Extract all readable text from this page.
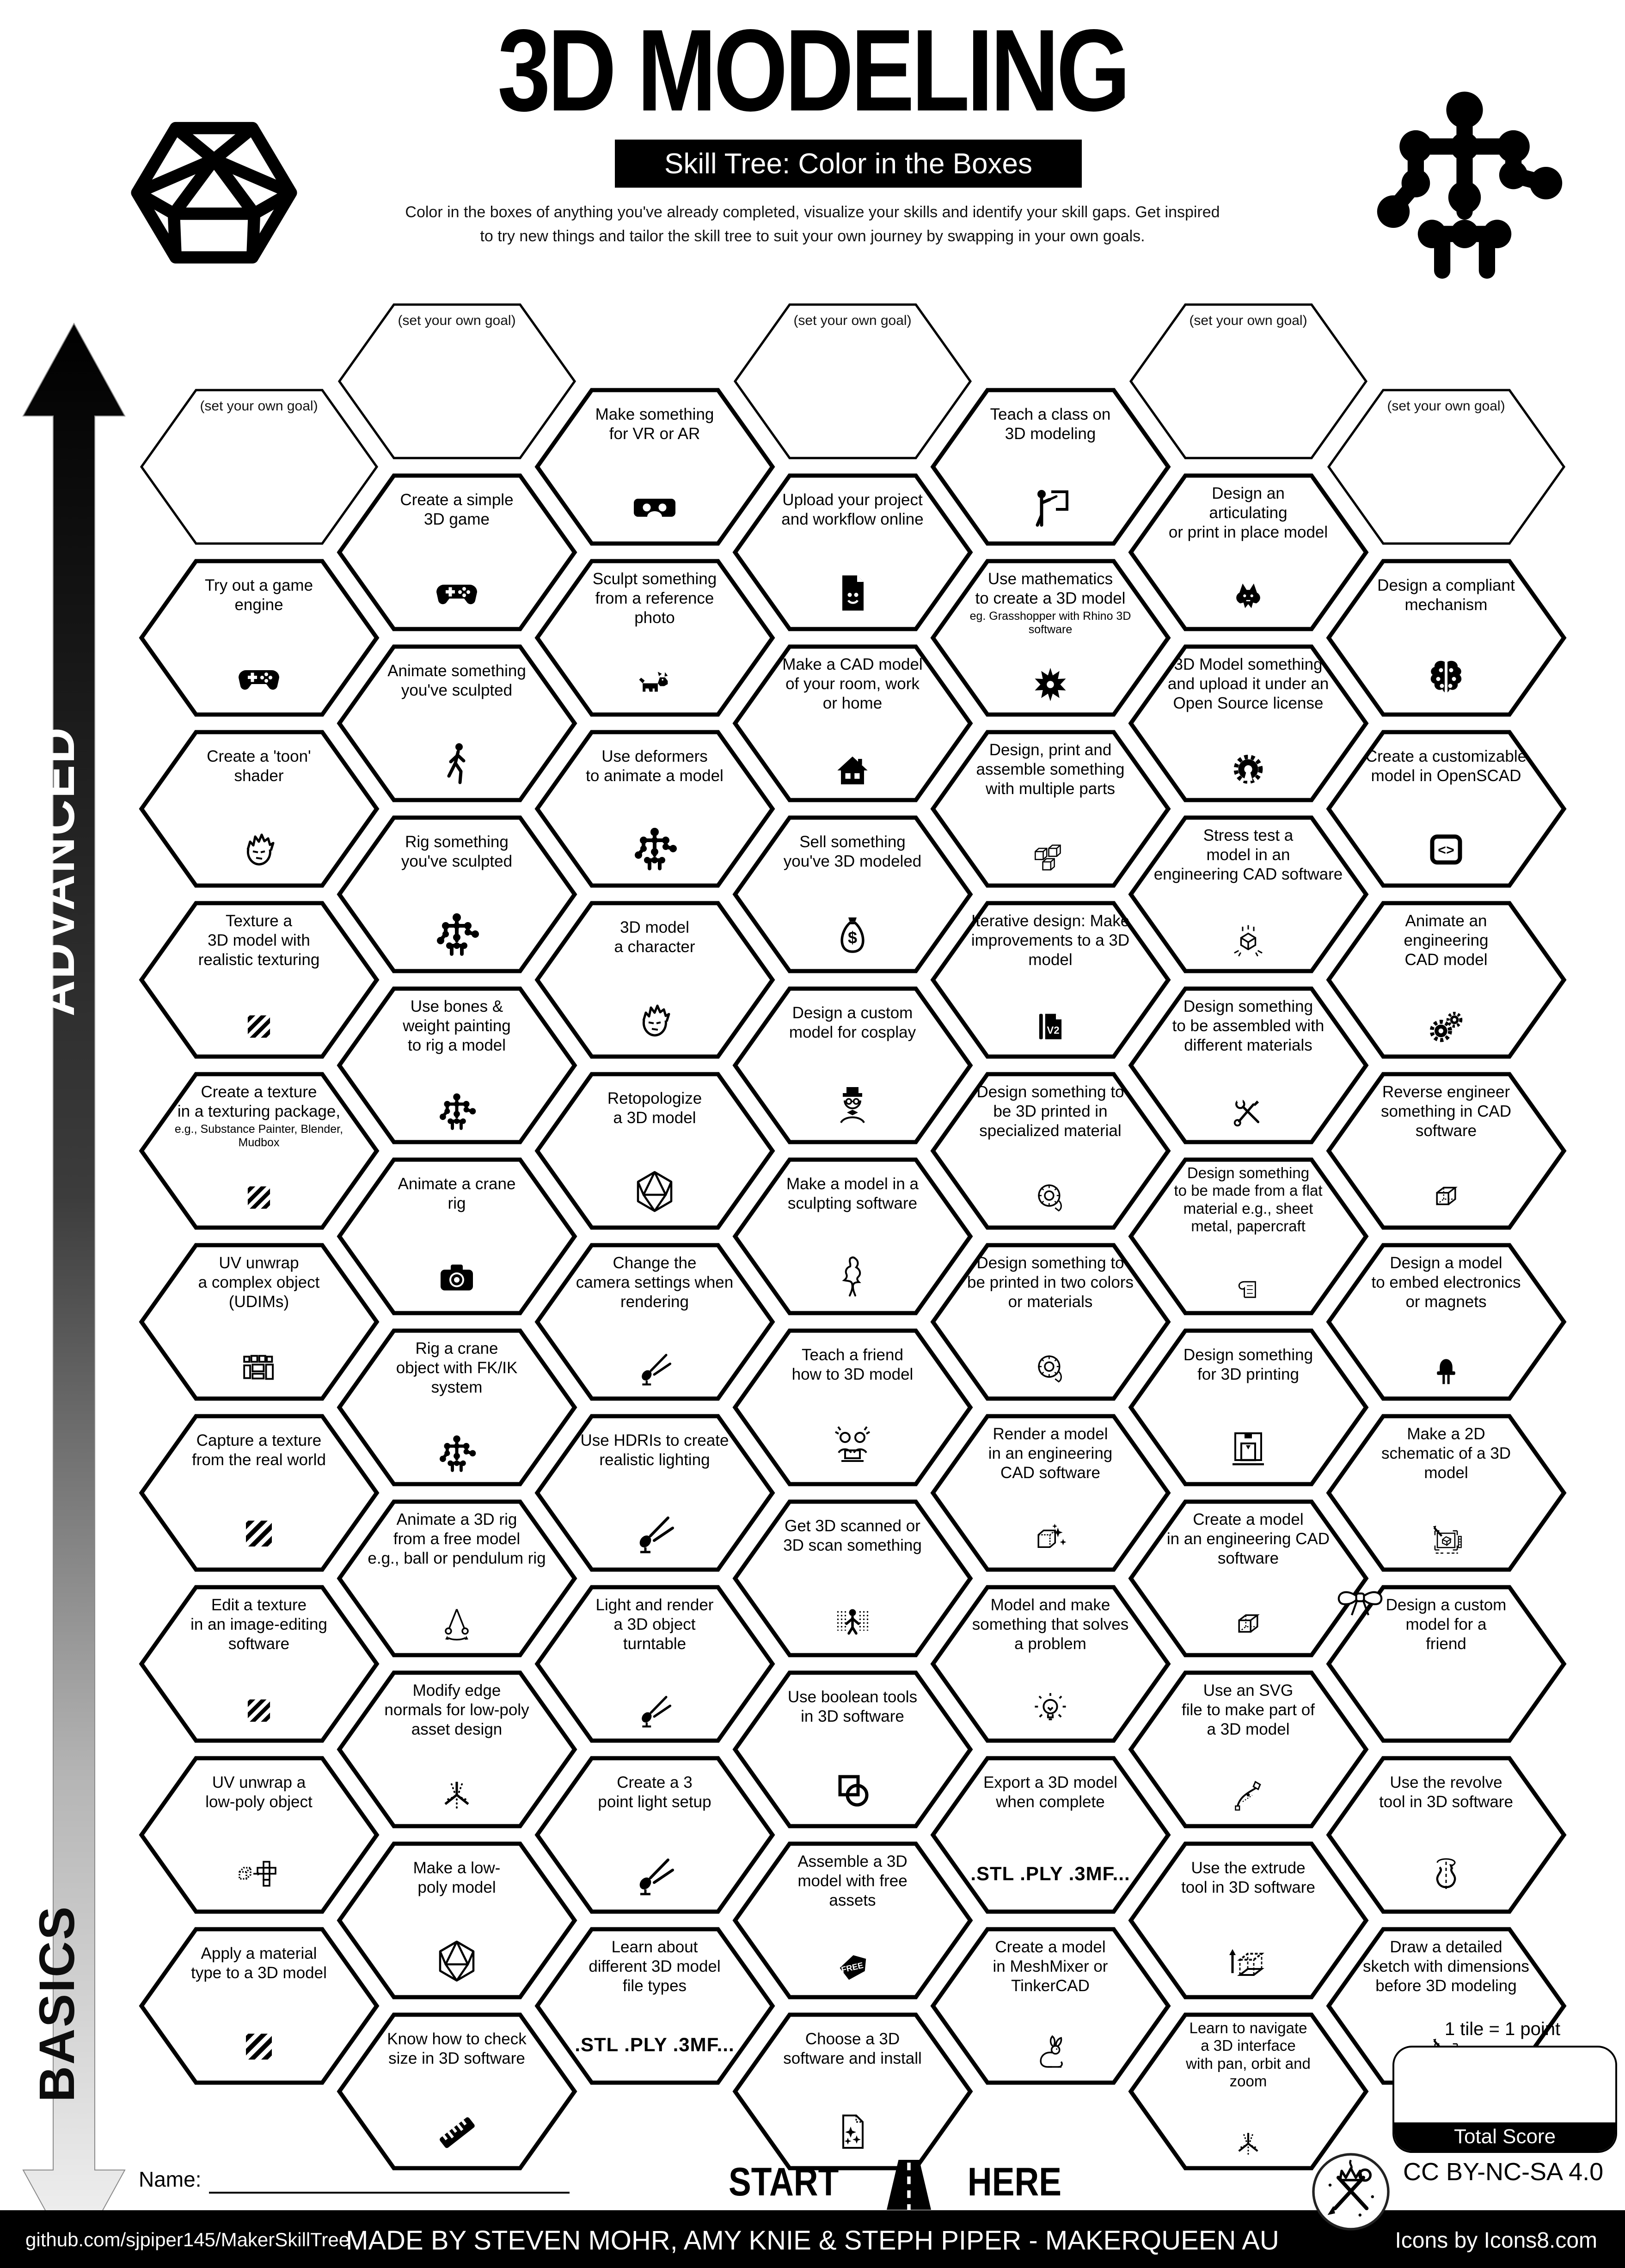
3D MODELING
Skill Tree: Color in the Boxes
Color in the boxes of anything you've already completed, visualize your skills and identify your skill gaps. Get inspired
to try new things and tailor the skill tree to suit your own journey by swapping in your own goals.
ADVANCED
BASICS
(set your own goal)
Try out a game
engine
Create a 'toon'
shader
Texture a
3D model with
realistic texturing
Create a texture
in a texturing package,
e.g., Substance Painter, Blender,
Mudbox
UV unwrap
a complex object
(UDIMs)
Capture a texture
from the real world
Edit a texture
in an image-editing
software
UV unwrap a
low-poly object
Apply a material
type to a 3D model
(set your own goal)
Create a simple
3D game
Animate something
you've sculpted
Rig something
you've sculpted
Use bones &
weight painting
to rig a model
Animate a crane
rig
Rig a crane
object with FK/IK
system
Animate a 3D rig
from a free model
e.g., ball or pendulum rig
Modify edge
normals for low-poly
asset design
Make a low-
poly model
Know how to check
size in 3D software
Make something
for VR or AR
Sculpt something
from a reference
photo
Use deformers
to animate a model
3D model
a character
Retopologize
a 3D model
Change the
camera settings when
rendering
Use HDRIs to create
realistic lighting
Light and render
a 3D object
turntable
Create a 3
point light setup
Learn about
different 3D model
file types
.STL .PLY .3MF...
(set your own goal)
Upload your project
and workflow online
Make a CAD model
of your room, work
or home
Sell something
you've 3D modeled
Design a custom
model for cosplay
Make a model in a
sculpting software
Teach a friend
how to 3D model
Get 3D scanned or
3D scan something
Use boolean tools
in 3D software
Assemble a 3D
model with free
assets
Choose a 3D
software and install
Teach a class on
3D modeling
Use mathematics
to create a 3D model
eg. Grasshopper with Rhino 3D
software
Design, print and
assemble something
with multiple parts
Iterative design: Make
improvements to a 3D
model
Design something to
be 3D printed in
specialized material
Design something to
be printed in two colors
or materials
Render a model
in an engineering
CAD software
Model and make
something that solves
a problem
Export a 3D model
when complete
.STL .PLY .3MF...
Create a model
in MeshMixer or
TinkerCAD
(set your own goal)
Design an
articulating
or print in place model
3D Model something
and upload it under an
Open Source license
Stress test a
model in an
engineering CAD software
Design something
to be assembled with
different materials
Design something
to be made from a flat
material e.g., sheet
metal, papercraft
Design something
for 3D printing
Create a model
in an engineering CAD
software
Use an SVG
file to make part of
a 3D model
Use the extrude
tool in 3D software
Learn to navigate
a 3D interface
with pan, orbit and
zoom
(set your own goal)
Design a compliant
mechanism
Create a customizable
model in OpenSCAD
Animate an
engineering
CAD model
Reverse engineer
something in CAD
software
Design a model
to embed electronics
or magnets
Make a 2D
schematic of a 3D
model
Design a custom
model for a
friend
Use the revolve
tool in 3D software
Draw a detailed
sketch with dimensions
before 3D modeling
START	HERE
Name:
1 tile = 1 point
Total Score
CC BY-NC-SA 4.0
github.com/sjpiper145/MakerSkillTree
MADE BY STEVEN MOHR, AMY KNIE & STEPH PIPER - MAKERQUEEN AU	Icons by Icons8.com
